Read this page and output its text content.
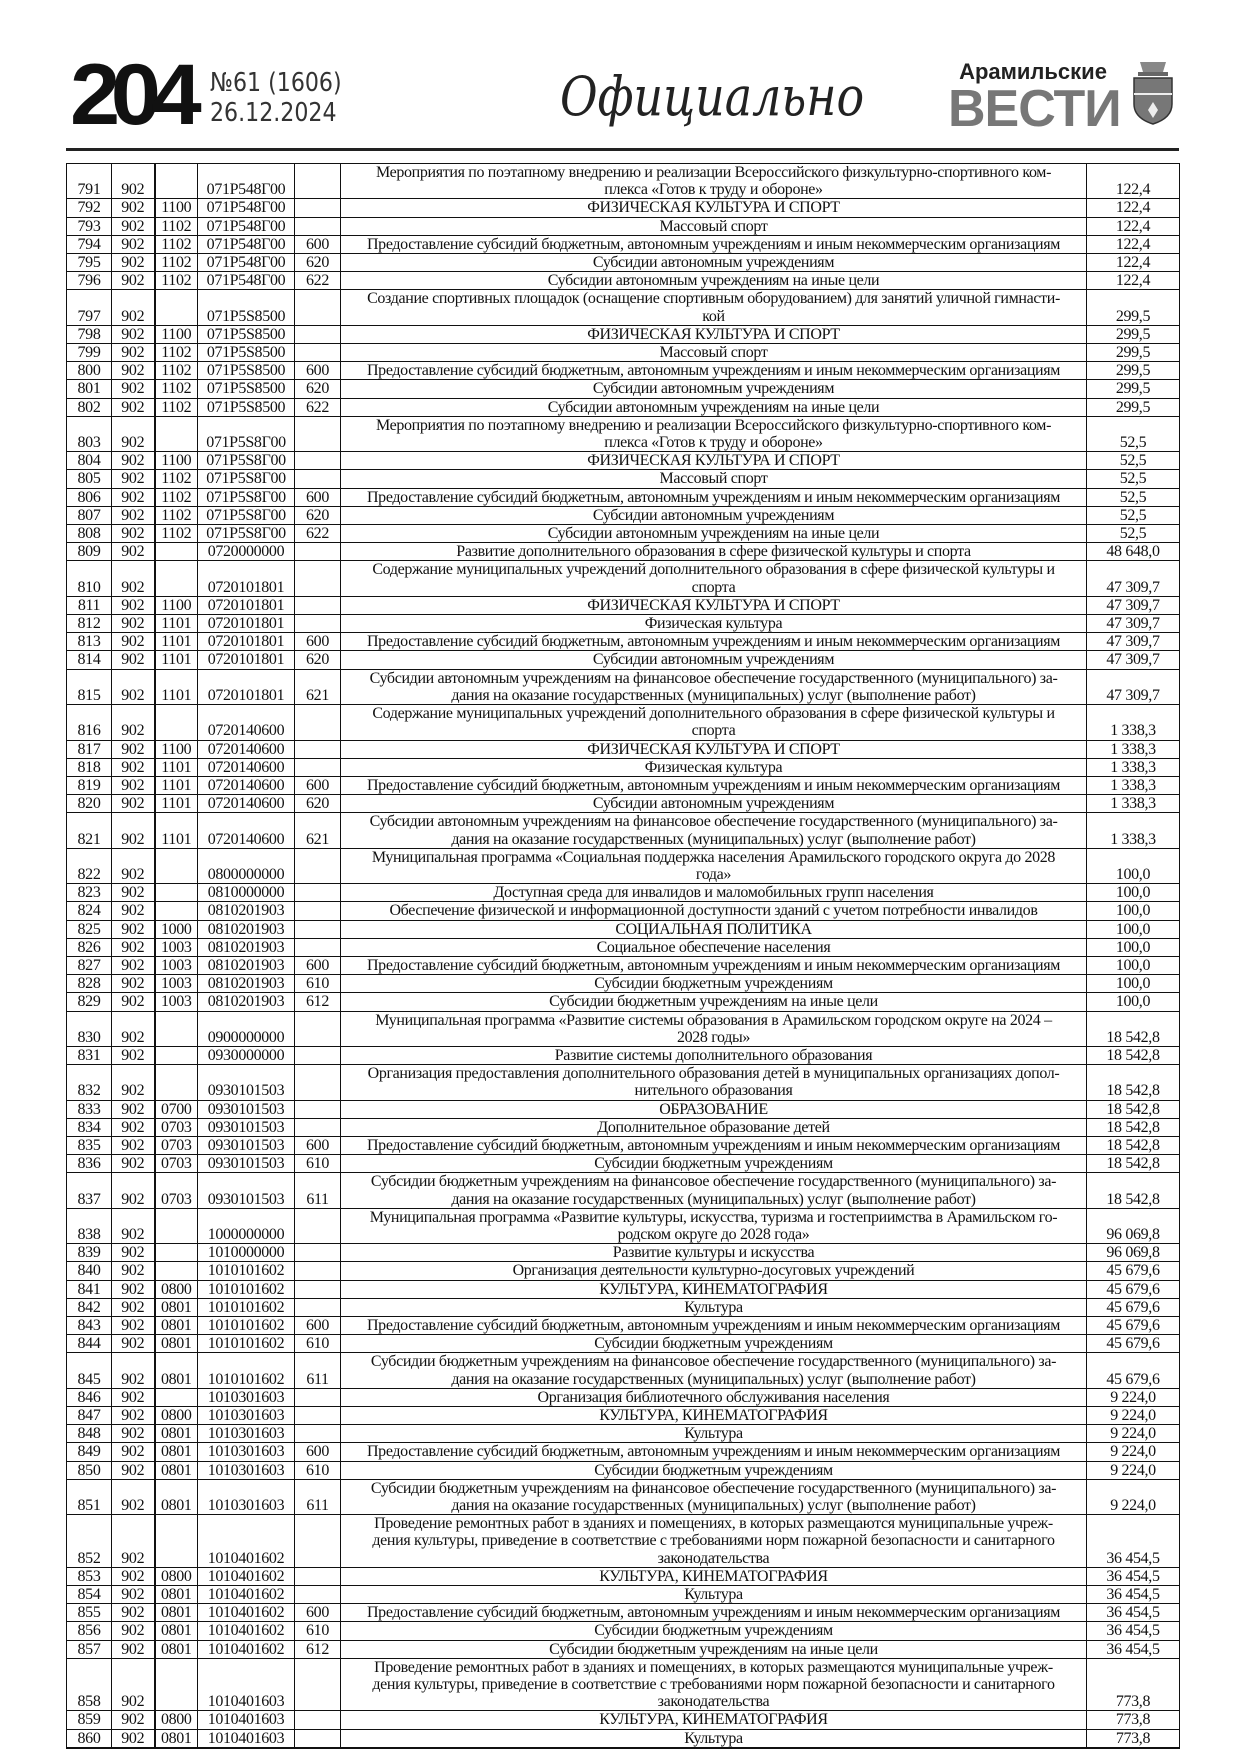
204 №61 (1606)
26.12.2024	Официально	Арамильские
ВЕСТИ
791	902		071P548Г00		Мероприятия по поэтапному внедрению и реализации Всероссийского физкультурно-спортивного ком-
плекса «Готов к труду и обороне»	122,4
792	902	1100	071P548Г00		ФИЗИЧЕСКАЯ КУЛЬТУРА И СПОРТ	122,4
793	902	1102	071P548Г00		Массовый спорт	122,4
794	902	1102	071P548Г00	600	Предоставление субсидий бюджетным, автономным учреждениям и иным некоммерческим организациям	122,4
795	902	1102	071P548Г00	620	Субсидии автономным учреждениям	122,4
796	902	1102	071P548Г00	622	Субсидии автономным учреждениям на иные цели	122,4
797	902		071P5S8500		Создание спортивных площадок (оснащение спортивным оборудованием) для занятий уличной гимнасти-
кой	299,5
798	902	1100	071P5S8500		ФИЗИЧЕСКАЯ КУЛЬТУРА И СПОРТ	299,5
799	902	1102	071P5S8500		Массовый спорт	299,5
800	902	1102	071P5S8500	600	Предоставление субсидий бюджетным, автономным учреждениям и иным некоммерческим организациям	299,5
801	902	1102	071P5S8500	620	Субсидии автономным учреждениям	299,5
802	902	1102	071P5S8500	622	Субсидии автономным учреждениям на иные цели	299,5
803	902		071P5S8Г00		Мероприятия по поэтапному внедрению и реализации Всероссийского физкультурно-спортивного ком-
плекса «Готов к труду и обороне»	52,5
804	902	1100	071P5S8Г00		ФИЗИЧЕСКАЯ КУЛЬТУРА И СПОРТ	52,5
805	902	1102	071P5S8Г00		Массовый спорт	52,5
806	902	1102	071P5S8Г00	600	Предоставление субсидий бюджетным, автономным учреждениям и иным некоммерческим организациям	52,5
807	902	1102	071P5S8Г00	620	Субсидии автономным учреждениям	52,5
808	902	1102	071P5S8Г00	622	Субсидии автономным учреждениям на иные цели	52,5
809	902		0720000000		Развитие дополнительного образования в сфере физической культуры и спорта	48 648,0
810	902		0720101801		Содержание муниципальных учреждений дополнительного образования в сфере физической культуры и
спорта	47 309,7
811	902	1100	0720101801		ФИЗИЧЕСКАЯ КУЛЬТУРА И СПОРТ	47 309,7
812	902	1101	0720101801		Физическая культура	47 309,7
813	902	1101	0720101801	600	Предоставление субсидий бюджетным, автономным учреждениям и иным некоммерческим организациям	47 309,7
814	902	1101	0720101801	620	Субсидии автономным учреждениям	47 309,7
815	902	1101	0720101801	621	Субсидии автономным учреждениям на финансовое обеспечение государственного (муниципального) за-
дания на оказание государственных (муниципальных) услуг (выполнение работ)	47 309,7
816	902		0720140600		Содержание муниципальных учреждений дополнительного образования в сфере физической культуры и
спорта	1 338,3
817	902	1100	0720140600		ФИЗИЧЕСКАЯ КУЛЬТУРА И СПОРТ	1 338,3
818	902	1101	0720140600		Физическая культура	1 338,3
819	902	1101	0720140600	600	Предоставление субсидий бюджетным, автономным учреждениям и иным некоммерческим организациям	1 338,3
820	902	1101	0720140600	620	Субсидии автономным учреждениям	1 338,3
821	902	1101	0720140600	621	Субсидии автономным учреждениям на финансовое обеспечение государственного (муниципального) за-
дания на оказание государственных (муниципальных) услуг (выполнение работ)	1 338,3
822	902		0800000000		Муниципальная программа «Социальная поддержка населения Арамильского городского округа до 2028
года»	100,0
823	902		0810000000		Доступная среда для инвалидов и маломобильных групп населения	100,0
824	902		0810201903		Обеспечение физической и информационной доступности зданий с учетом потребности инвалидов	100,0
825	902	1000	0810201903		СОЦИАЛЬНАЯ ПОЛИТИКА	100,0
826	902	1003	0810201903		Социальное обеспечение населения	100,0
827	902	1003	0810201903	600	Предоставление субсидий бюджетным, автономным учреждениям и иным некоммерческим организациям	100,0
828	902	1003	0810201903	610	Субсидии бюджетным учреждениям	100,0
829	902	1003	0810201903	612	Субсидии бюджетным учреждениям на иные цели	100,0
830	902		0900000000		Муниципальная программа «Развитие системы образования в Арамильском городском округе на 2024 –
2028 годы»	18 542,8
831	902		0930000000		Развитие системы дополнительного образования	18 542,8
832	902		0930101503		Организация предоставления дополнительного образования детей в муниципальных организациях допол-
нительного образования	18 542,8
833	902	0700	0930101503		ОБРАЗОВАНИЕ	18 542,8
834	902	0703	0930101503		Дополнительное образование детей	18 542,8
835	902	0703	0930101503	600	Предоставление субсидий бюджетным, автономным учреждениям и иным некоммерческим организациям	18 542,8
836	902	0703	0930101503	610	Субсидии бюджетным учреждениям	18 542,8
837	902	0703	0930101503	611	Субсидии бюджетным учреждениям на финансовое обеспечение государственного (муниципального) за-
дания на оказание государственных (муниципальных) услуг (выполнение работ)	18 542,8
838	902		1000000000		Муниципальная программа «Развитие культуры, искусства, туризма и гостеприимства в Арамильском го-
родском округе до 2028 года»	96 069,8
839	902		1010000000		Развитие культуры и искусства	96 069,8
840	902		1010101602		Организация деятельности культурно-досуговых учреждений	45 679,6
841	902	0800	1010101602		КУЛЬТУРА, КИНЕМАТОГРАФИЯ	45 679,6
842	902	0801	1010101602		Культура	45 679,6
843	902	0801	1010101602	600	Предоставление субсидий бюджетным, автономным учреждениям и иным некоммерческим организациям	45 679,6
844	902	0801	1010101602	610	Субсидии бюджетным учреждениям	45 679,6
845	902	0801	1010101602	611	Субсидии бюджетным учреждениям на финансовое обеспечение государственного (муниципального) за-
дания на оказание государственных (муниципальных) услуг (выполнение работ)	45 679,6
846	902		1010301603		Организация библиотечного обслуживания населения	9 224,0
847	902	0800	1010301603		КУЛЬТУРА, КИНЕМАТОГРАФИЯ	9 224,0
848	902	0801	1010301603		Культура	9 224,0
849	902	0801	1010301603	600	Предоставление субсидий бюджетным, автономным учреждениям и иным некоммерческим организациям	9 224,0
850	902	0801	1010301603	610	Субсидии бюджетным учреждениям	9 224,0
851	902	0801	1010301603	611	Субсидии бюджетным учреждениям на финансовое обеспечение государственного (муниципального) за-
дания на оказание государственных (муниципальных) услуг (выполнение работ)	9 224,0
852	902		1010401602		Проведение ремонтных работ в зданиях и помещениях, в которых размещаются муниципальные учреж-
дения культуры, приведение в соответствие с требованиями норм пожарной безопасности и санитарного
законодательства	36 454,5
853	902	0800	1010401602		КУЛЬТУРА, КИНЕМАТОГРАФИЯ	36 454,5
854	902	0801	1010401602		Культура	36 454,5
855	902	0801	1010401602	600	Предоставление субсидий бюджетным, автономным учреждениям и иным некоммерческим организациям	36 454,5
856	902	0801	1010401602	610	Субсидии бюджетным учреждениям	36 454,5
857	902	0801	1010401602	612	Субсидии бюджетным учреждениям на иные цели	36 454,5
858	902		1010401603		Проведение ремонтных работ в зданиях и помещениях, в которых размещаются муниципальные учреж-
дения культуры, приведение в соответствие с требованиями норм пожарной безопасности и санитарного
законодательства	773,8
859	902	0800	1010401603		КУЛЬТУРА, КИНЕМАТОГРАФИЯ	773,8
860	902	0801	1010401603		Культура	773,8
